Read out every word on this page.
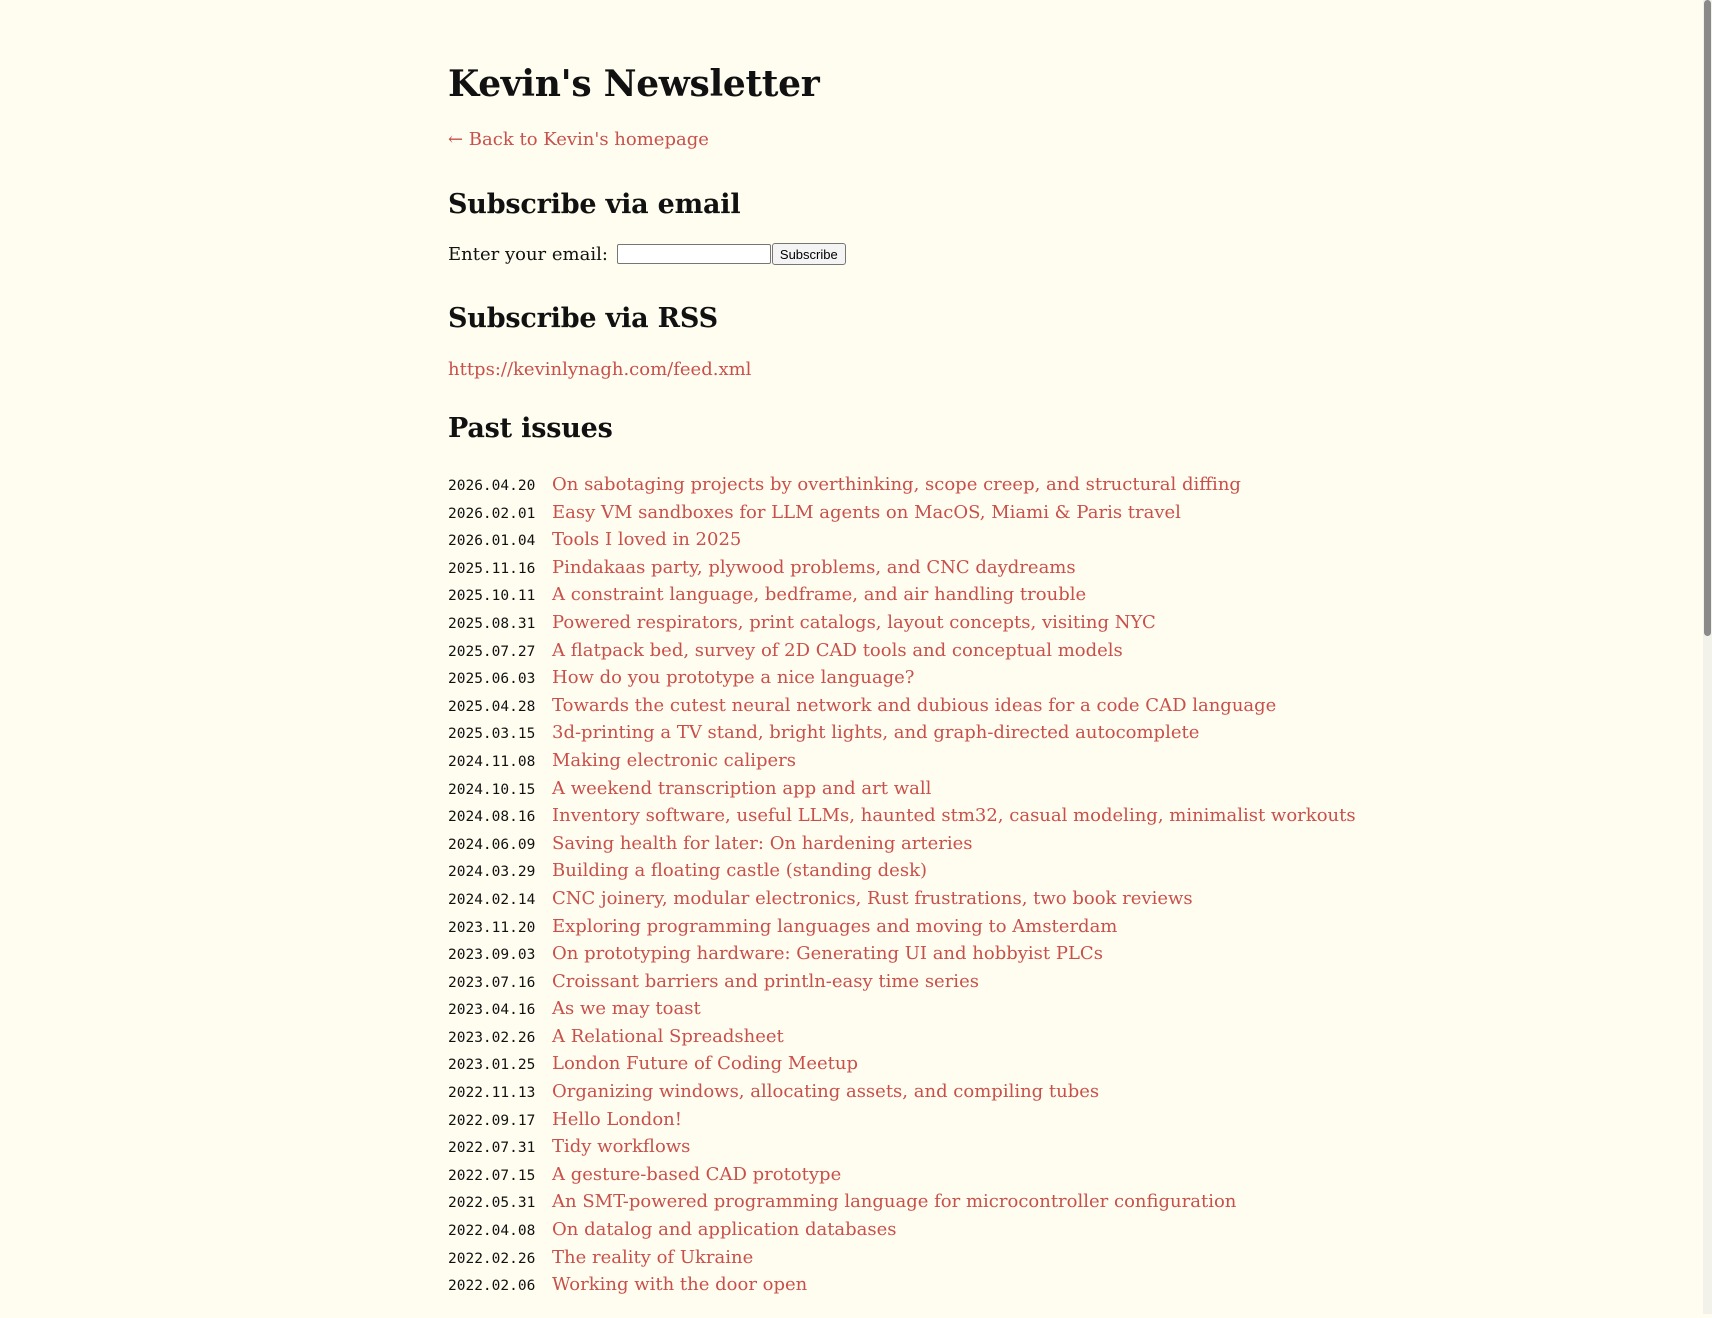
Kevin's Newsletter
← Back to Kevin's homepage
Subscribe via email
Enter your email:	Subscribe
Subscribe via RSS
https://kevinlynagh.com/feed.xml
Past issues
2026.04.20 On sabotaging projects by overthinking, scope creep, and structural diffing
2026.02.01 Easy VM sandboxes for LLM agents on MacOS, Miami & Paris travel
2026.01.04 Tools I loved in 2025
2025.11.16 Pindakaas party, plywood problems, and CNC daydreams
2025.10.11 A constraint language, bedframe, and air handling trouble
2025.08.31 Powered respirators, print catalogs, layout concepts, visiting NYC
2025.07.27 A flatpack bed, survey of 2D CAD tools and conceptual models
2025.06.03 How do you prototype a nice language?
2025.04.28 Towards the cutest neural network and dubious ideas for a code CAD language
2025.03.15 3d-printing a TV stand, bright lights, and graph-directed autocomplete
2024.11.08 Making electronic calipers
2024.10.15 A weekend transcription app and art wall
2024.08.16 Inventory software, useful LLMs, haunted stm32, casual modeling, minimalist workouts
2024.06.09 Saving health for later: On hardening arteries
2024.03.29 Building a floating castle (standing desk)
2024.02.14 CNC joinery, modular electronics, Rust frustrations, two book reviews
2023.11.20 Exploring programming languages and moving to Amsterdam
2023.09.03 On prototyping hardware: Generating UI and hobbyist PLCs
2023.07.16 Croissant barriers and println-easy time series
2023.04.16 As we may toast
2023.02.26 A Relational Spreadsheet
2023.01.25 London Future of Coding Meetup
2022.11.13 Organizing windows, allocating assets, and compiling tubes
2022.09.17 Hello London!
2022.07.31 Tidy workflows
2022.07.15 A gesture-based CAD prototype
2022.05.31 An SMT-powered programming language for microcontroller configuration
2022.04.08 On datalog and application databases
2022.02.26 The reality of Ukraine
2022.02.06 Working with the door open
